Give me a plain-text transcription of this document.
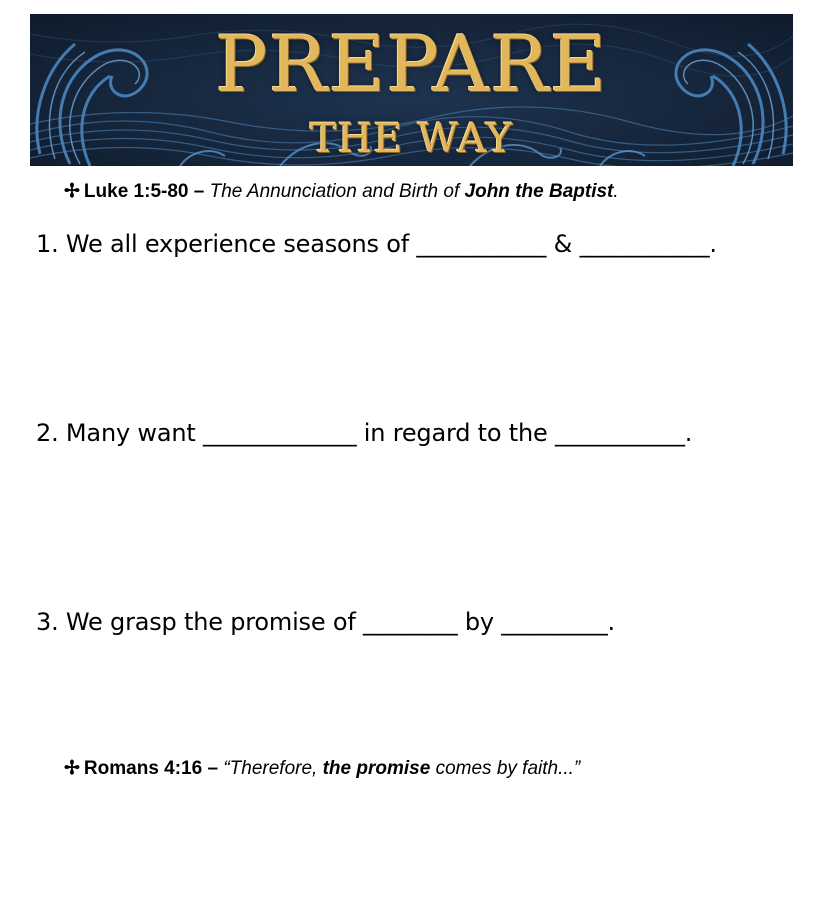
PREPARE
THE WAY
✢ Luke 1:5-80 – The Annunciation and Birth of John the Baptist.
1. We all experience seasons of ___________ & ___________.
2. Many want _____________ in regard to the ___________.
3. We grasp the promise of ________ by _________.
✢ Romans 4:16 – “Therefore, the promise comes by faith...”
